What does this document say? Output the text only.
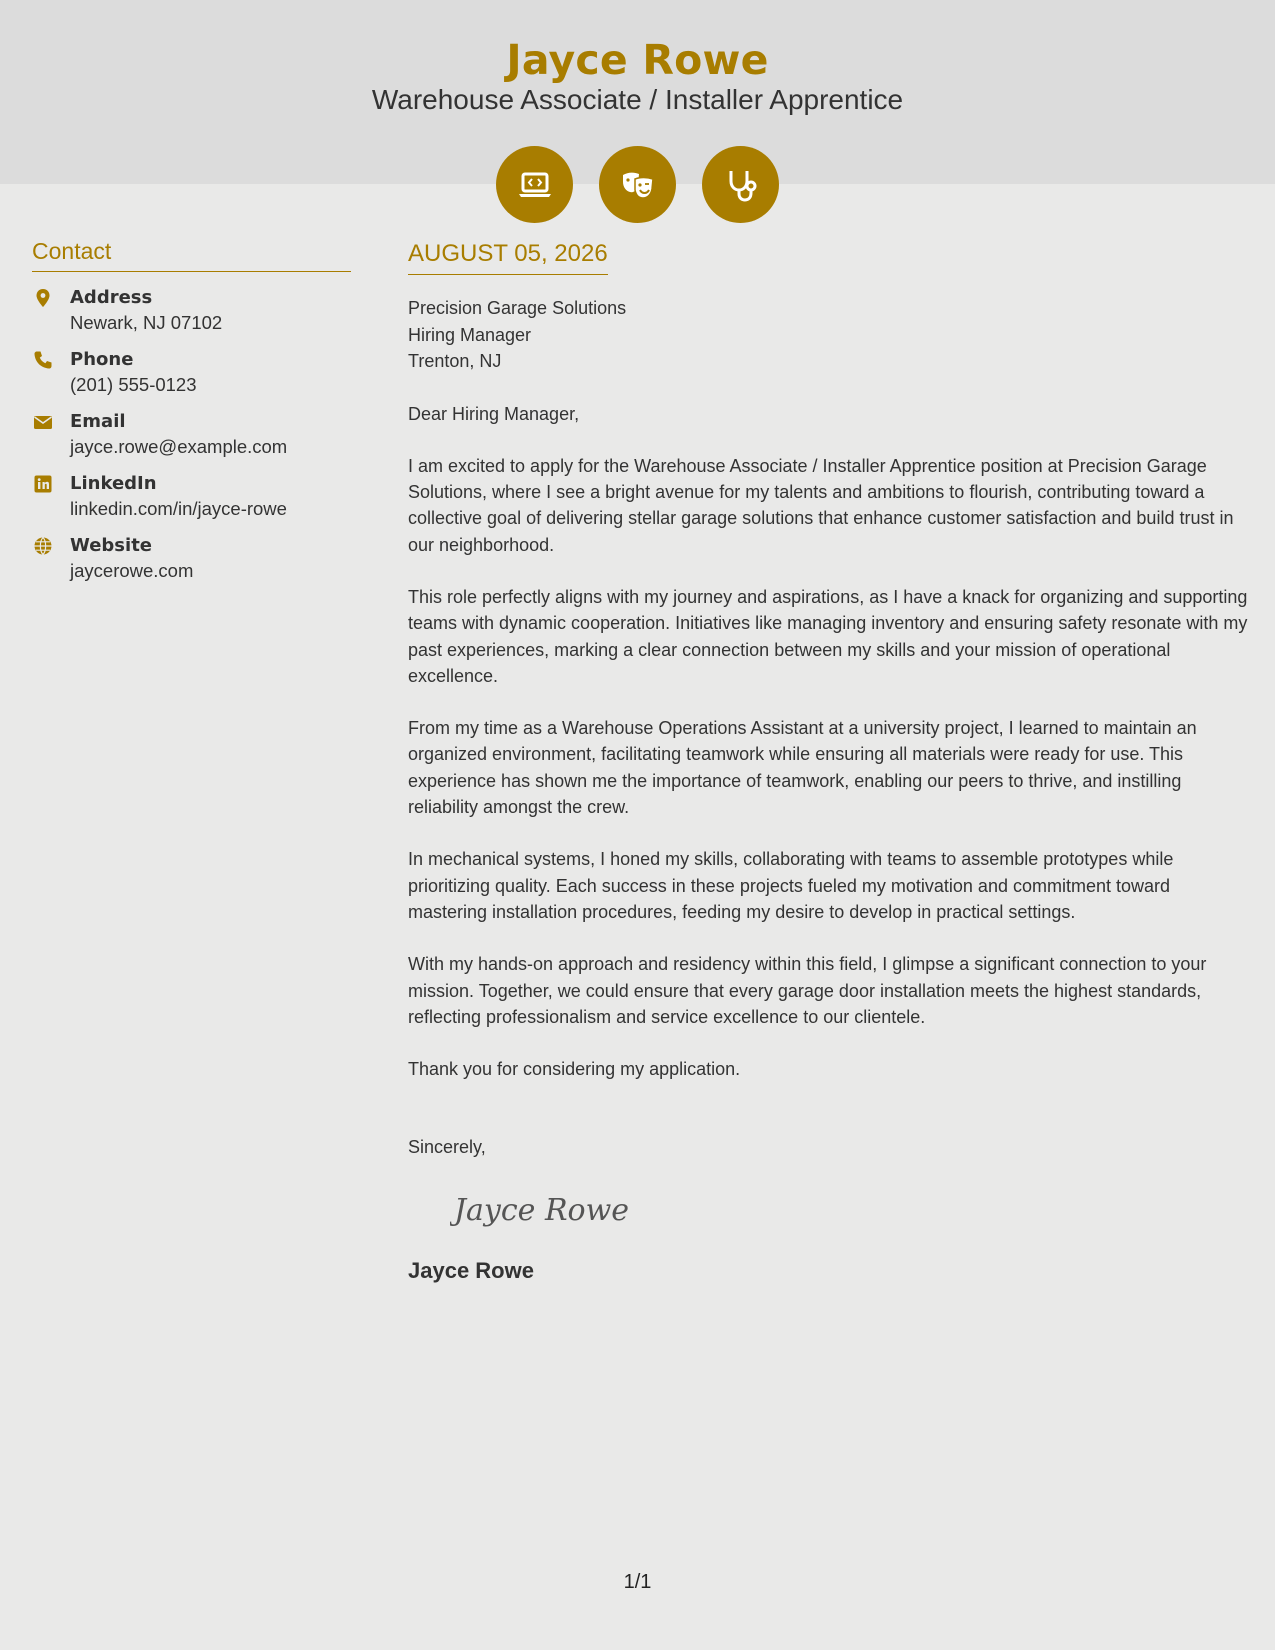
Jayce Rowe
Warehouse Associate / Installer Apprentice
Contact
Address
Newark, NJ 07102
Phone
(201) 555-0123
Email
jayce.rowe@example.com
LinkedIn
linkedin.com/in/jayce-rowe
Website
jaycerowe.com
AUGUST 05, 2026
Precision Garage Solutions
Hiring Manager
Trenton, NJ

Dear Hiring Manager,

I am excited to apply for the Warehouse Associate / Installer Apprentice position at Precision Garage Solutions, where I see a bright avenue for my talents and ambitions to flourish, contributing toward a collective goal of delivering stellar garage solutions that enhance customer satisfaction and build trust in our neighborhood.

This role perfectly aligns with my journey and aspirations, as I have a knack for organizing and supporting teams with dynamic cooperation. Initiatives like managing inventory and ensuring safety resonate with my past experiences, marking a clear connection between my skills and your mission of operational excellence.

From my time as a Warehouse Operations Assistant at a university project, I learned to maintain an organized environment, facilitating teamwork while ensuring all materials were ready for use. This experience has shown me the importance of teamwork, enabling our peers to thrive, and instilling reliability amongst the crew.

In mechanical systems, I honed my skills, collaborating with teams to assemble prototypes while prioritizing quality. Each success in these projects fueled my motivation and commitment toward mastering installation procedures, feeding my desire to develop in practical settings.

With my hands-on approach and residency within this field, I glimpse a significant connection to your mission. Together, we could ensure that every garage door installation meets the highest standards, reflecting professionalism and service excellence to our clientele.

Thank you for considering my application.

Sincerely,

Jayce Rowe
Jayce Rowe
1/1
